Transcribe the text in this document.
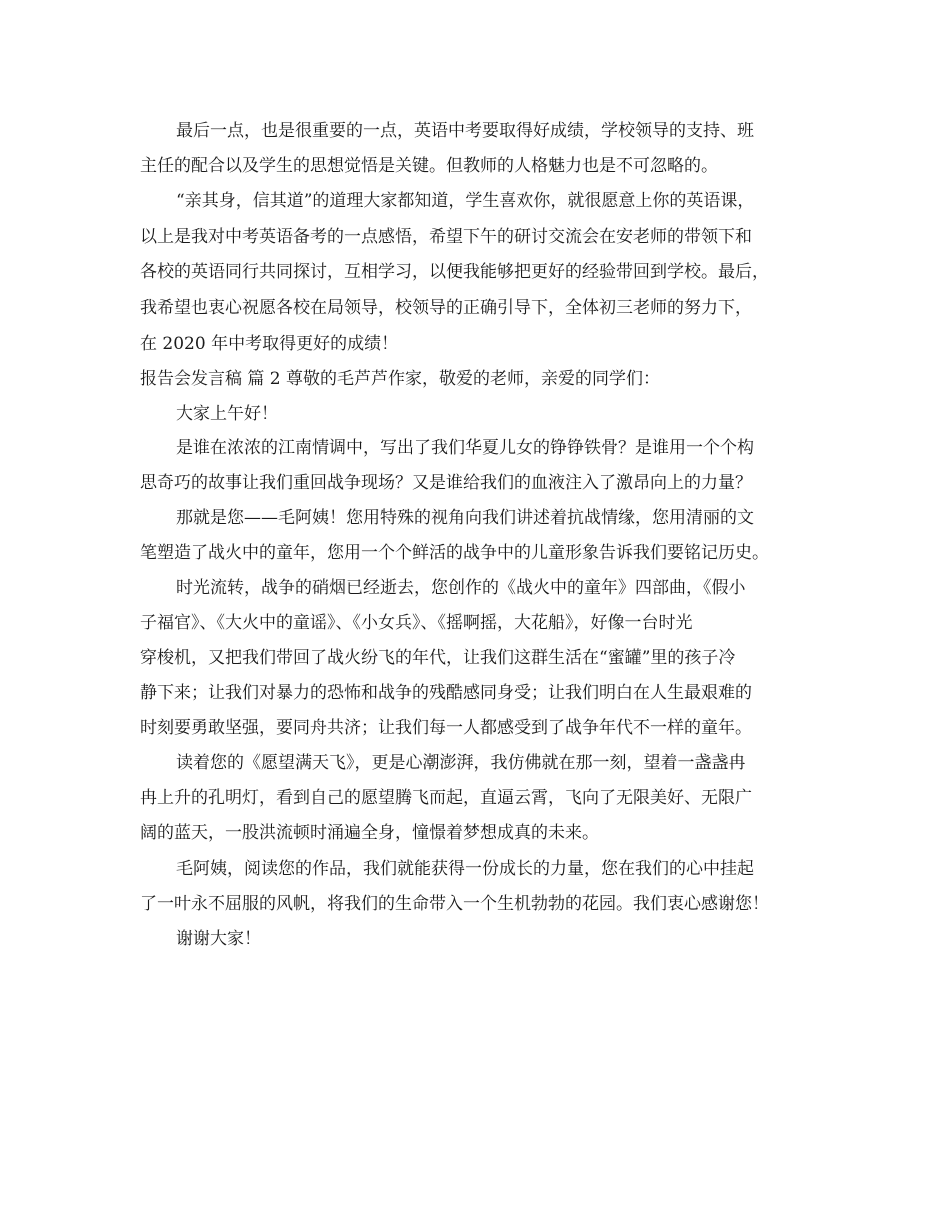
最后一点，也是很重要的一点，英语中考要取得好成绩，学校领导的支持、班

主任的配合以及学生的思想觉悟是关键。但教师的人格魅力也是不可忽略的。

“亲其身，信其道”的道理大家都知道，学生喜欢你，就很愿意上你的英语课，

以上是我对中考英语备考的一点感悟，希望下午的研讨交流会在安老师的带领下和

各校的英语同行共同探讨，互相学习，以便我能够把更好的经验带回到学校。最后，

我希望也衷心祝愿各校在局领导，校领导的正确引导下，全体初三老师的努力下，

在 2020 年中考取得更好的成绩！

报告会发言稿 篇 2 尊敬的毛芦芦作家，敬爱的老师，亲爱的同学们：

大家上午好！

是谁在浓浓的江南情调中，写出了我们华夏儿女的铮铮铁骨？是谁用一个个构

思奇巧的故事让我们重回战争现场？又是谁给我们的血液注入了激昂向上的力量？

那就是您——毛阿姨！您用特殊的视角向我们讲述着抗战情缘，您用清丽的文

笔塑造了战火中的童年，您用一个个鲜活的战争中的儿童形象告诉我们要铭记历史。

时光流转，战争的硝烟已经逝去，您创作的《战火中的童年》四部曲，《假小

子福官》、《大火中的童谣》、《小女兵》、《摇啊摇，大花船》，好像一台时光

穿梭机，又把我们带回了战火纷飞的年代，让我们这群生活在“蜜罐”里的孩子冷

静下来；让我们对暴力的恐怖和战争的残酷感同身受；让我们明白在人生最艰难的

时刻要勇敢坚强，要同舟共济；让我们每一人都感受到了战争年代不一样的童年。

读着您的《愿望满天飞》，更是心潮澎湃，我仿佛就在那一刻，望着一盏盏冉

冉上升的孔明灯，看到自己的愿望腾飞而起，直逼云霄，飞向了无限美好、无限广

阔的蓝天，一股洪流顿时涌遍全身，憧憬着梦想成真的未来。

毛阿姨，阅读您的作品，我们就能获得一份成长的力量，您在我们的心中挂起

了一叶永不屈服的风帆，将我们的生命带入一个生机勃勃的花园。我们衷心感谢您！

谢谢大家！
